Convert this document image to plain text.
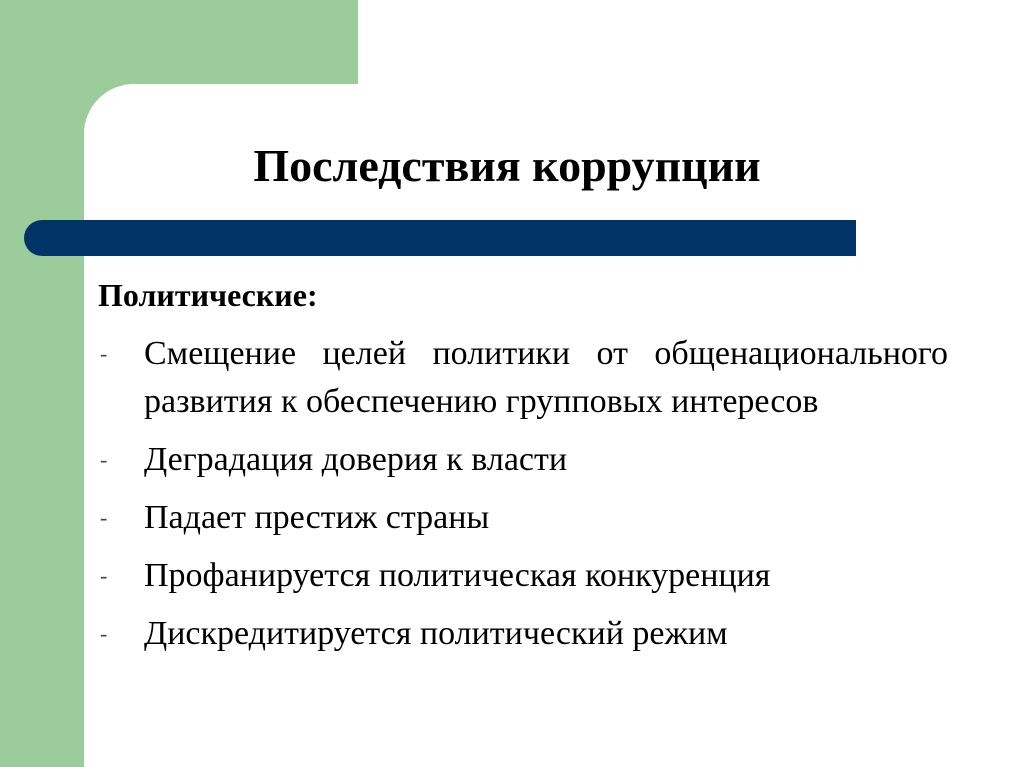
Последствия коррупции
Политические:
- Смещение целей политики от общенационального развития к обеспечению групповых интересов
- Деградация доверия к власти
- Падает престиж страны
- Профанируется политическая конкуренция
- Дискредитируется политический режим
